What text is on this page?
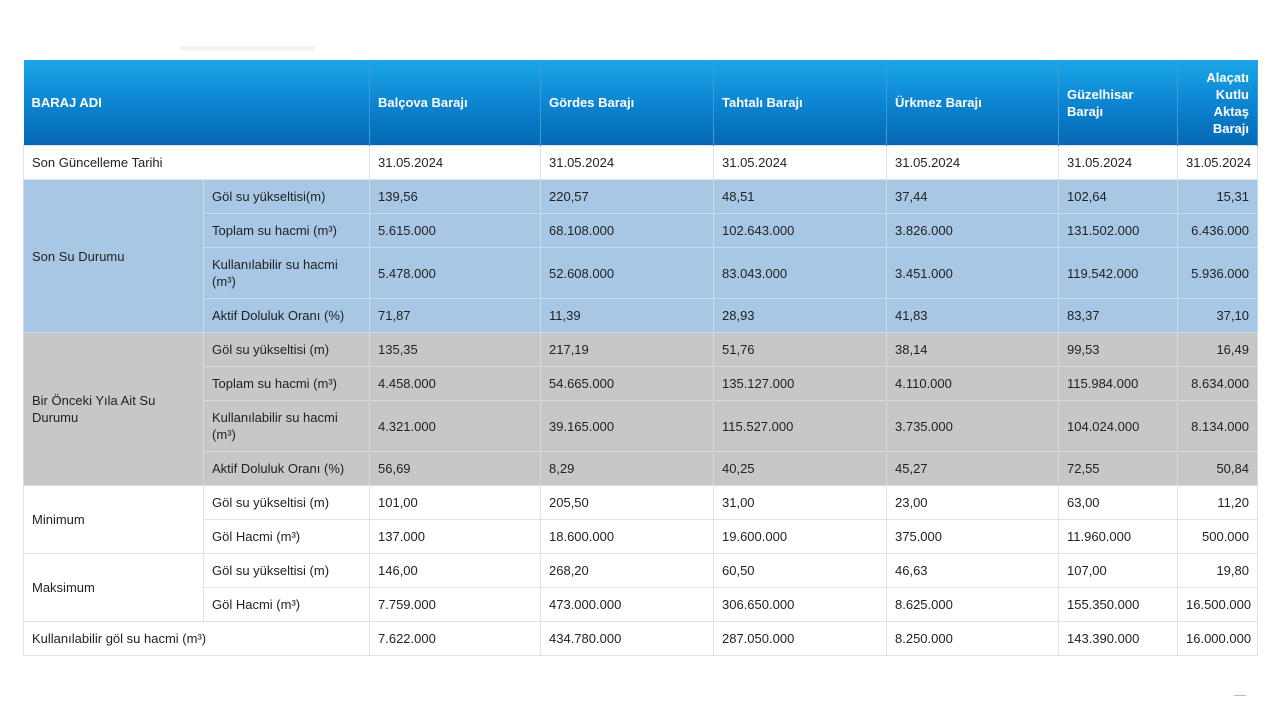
BARAJ ADI		Balçova Barajı	Gördes Barajı	Tahtalı Barajı	Ürkmez Barajı	Güzelhisar Barajı	Alaçatı Kutlu Aktaş Barajı
Son Güncelleme Tarihi		31.05.2024	31.05.2024	31.05.2024	31.05.2024	31.05.2024	31.05.2024
Son Su Durumu	Göl su yükseltisi(m)	139,56	220,57	48,51	37,44	102,64	15,31
	Toplam su hacmi (m³)	5.615.000	68.108.000	102.643.000	3.826.000	131.502.000	6.436.000
	Kullanılabilir su hacmi (m³)	5.478.000	52.608.000	83.043.000	3.451.000	119.542.000	5.936.000
	Aktif Doluluk Oranı (%)	71,87	11,39	28,93	41,83	83,37	37,10
Bir Önceki Yıla Ait Su Durumu	Göl su yükseltisi (m)	135,35	217,19	51,76	38,14	99,53	16,49
	Toplam su hacmi (m³)	4.458.000	54.665.000	135.127.000	4.110.000	115.984.000	8.634.000
	Kullanılabilir su hacmi (m³)	4.321.000	39.165.000	115.527.000	3.735.000	104.024.000	8.134.000
	Aktif Doluluk Oranı (%)	56,69	8,29	40,25	45,27	72,55	50,84
Minimum	Göl su yükseltisi (m)	101,00	205,50	31,00	23,00	63,00	11,20
	Göl Hacmi (m³)	137.000	18.600.000	19.600.000	375.000	11.960.000	500.000
Maksimum	Göl su yükseltisi (m)	146,00	268,20	60,50	46,63	107,00	19,80
	Göl Hacmi (m³)	7.759.000	473.000.000	306.650.000	8.625.000	155.350.000	16.500.000
Kullanılabilir göl su hacmi (m³)		7.622.000	434.780.000	287.050.000	8.250.000	143.390.000	16.000.000
